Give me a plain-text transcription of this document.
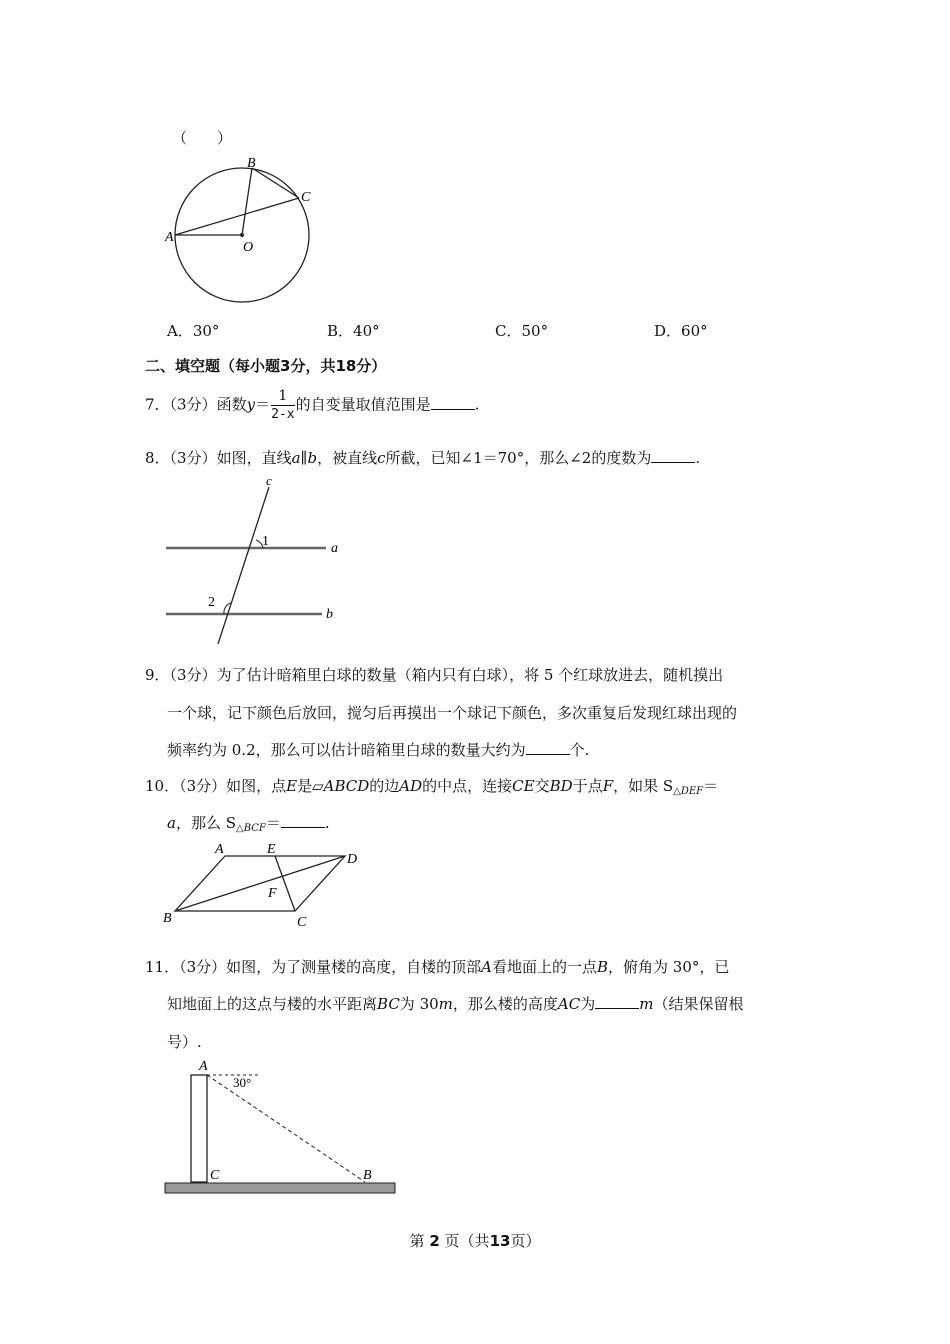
（　　）
A
B
C
O
A．30°	B．40°	C．50°	D．60°
二、填空题（每小题3分，共18分）
7．（3分）函数$y= \frac{1}{2-x}$ 的自变量取值范围是	.
8．（3分）如图，直线a∥b，被直线c所截，已知∠1＝70°，那么∠2的度数为	.
c
a
b
1
2
9．（3分）为了估计暗箱里白球的数量（箱内只有白球），将 5 个红球放进去，随机摸出
一个球，记下颜色后放回，搅匀后再摸出一个球记下颜色，多次重复后发现红球出现的
频率约为 0.2，那么可以估计暗箱里白球的数量大约为	个.
10．（3分）如图，点E是▱ABCD的边AD的中点，连接CE交BD于点F，如果 $S_{\triangle DEF}=$
a，那么 $S_{\triangle BCF}=$	.
A	E
D
F
B	C
11．（3分）如图，为了测量楼的高度，自楼的顶部A看地面上的一点B，俯角为 30°，已
知地面上的这点与楼的水平距离BC为 30m，那么楼的高度AC为	m（结果保留根
号）.
A
C	B
30°
第 2 页（共13页）
